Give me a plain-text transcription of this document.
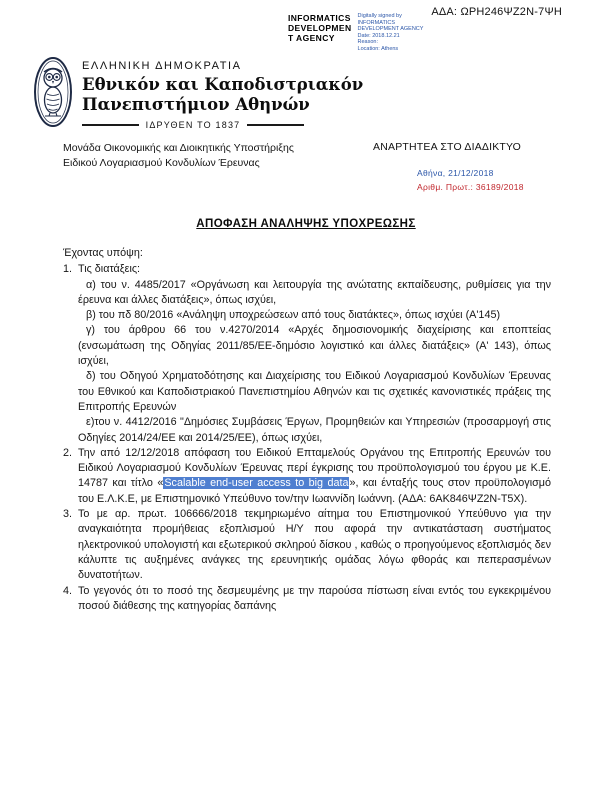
ΑΔΑ: ΩΡΗ246ΨΖ2Ν-7ΨΗ
INFORMATICS
DEVELOPMEN
T AGENCY
Digitally signed by
INFORMATICS
DEVELOPMENT AGENCY
Date: 2018.12.21
Reason:
Location: Athens
ΕΛΛΗΝΙΚΗ ΔΗΜΟΚΡΑΤΙΑ
Εθνικόν και Καποδιστριακόν
Πανεπιστήμιον Αθηνών
ΙΔΡΥΘΕΝ ΤΟ 1837
Μονάδα Οικονομικής και Διοικητικής Υποστήριξης
Ειδικού Λογαριασμού Κονδυλίων Έρευνας
ΑΝΑΡΤΗΤΕΑ ΣΤΟ ΔΙΑΔΙΚΤΥΟ
Αθήνα, 21/12/2018
Αριθμ. Πρωτ.: 36189/2018
ΑΠΟΦΑΣΗ ΑΝΑΛΗΨΗΣ ΥΠΟΧΡΕΩΣΗΣ

Έχοντας υπόψη:

1. Τις διατάξεις:

α) του ν. 4485/2017 «Οργάνωση και λειτουργία της ανώτατης εκπαίδευσης, ρυθμίσεις για την έρευνα και άλλες διατάξεις», όπως ισχύει,

β) του πδ 80/2016 «Ανάληψη υποχρεώσεων από τους διατάκτες», όπως ισχύει (Α'145)

γ) του άρθρου 66 του ν.4270/2014 «Αρχές δημοσιονομικής διαχείρισης και εποπτείας (ενσωμάτωση της Οδηγίας 2011/85/ΕΕ-δημόσιο λογιστικό και άλλες διατάξεις» (Α' 143), όπως ισχύει,

δ) του Οδηγού Χρηματοδότησης και Διαχείρισης του Ειδικού Λογαριασμού Κονδυλίων Έρευνας του Εθνικού και Καποδιστριακού Πανεπιστημίου Αθηνών και τις σχετικές κανονιστικές πράξεις της Επιτροπής Ερευνών

ε)του ν. 4412/2016 "Δημόσιες Συμβάσεις Έργων, Προμηθειών και Υπηρεσιών (προσαρμογή στις Οδηγίες 2014/24/ΕΕ και 2014/25/ΕΕ), όπως ισχύει,

2. Την από 12/12/2018 απόφαση του Ειδικού Επταμελούς Οργάνου της Επιτροπής Ερευνών του Ειδικού Λογαριασμού Κονδυλίων Έρευνας περί έγκρισης του προϋπολογισμού του έργου με Κ.Ε. 14787 και τίτλο «Scalable end-user access to big data», και ένταξής τους στον προϋπολογισμό του Ε.Λ.Κ.Ε, με Επιστημονικό Υπεύθυνο τον/την Ιωαννίδη Ιωάννη. (ΑΔΑ: 6ΑΚ846ΨΖ2Ν-Τ5Χ).

3. Το με αρ. πρωτ. 106666/2018 τεκμηριωμένο αίτημα του Επιστημονικού Υπεύθυνο για την αναγκαιότητα προμήθειας εξοπλισμού Η/Υ που αφορά την αντικατάσταση συστήματος ηλεκτρονικού υπολογιστή και εξωτερικού σκληρού δίσκου , καθώς ο προηγούμενος εξοπλισμός δεν κάλυπτε τις αυξημένες ανάγκες της ερευνητικής ομάδας λόγω φθοράς και πεπερασμένων δυνατοτήτων.

4. Το γεγονός ότι το ποσό της δεσμευμένης με την παρούσα πίστωση είναι εντός του εγκεκριμένου ποσού διάθεσης της κατηγορίας δαπάνης
